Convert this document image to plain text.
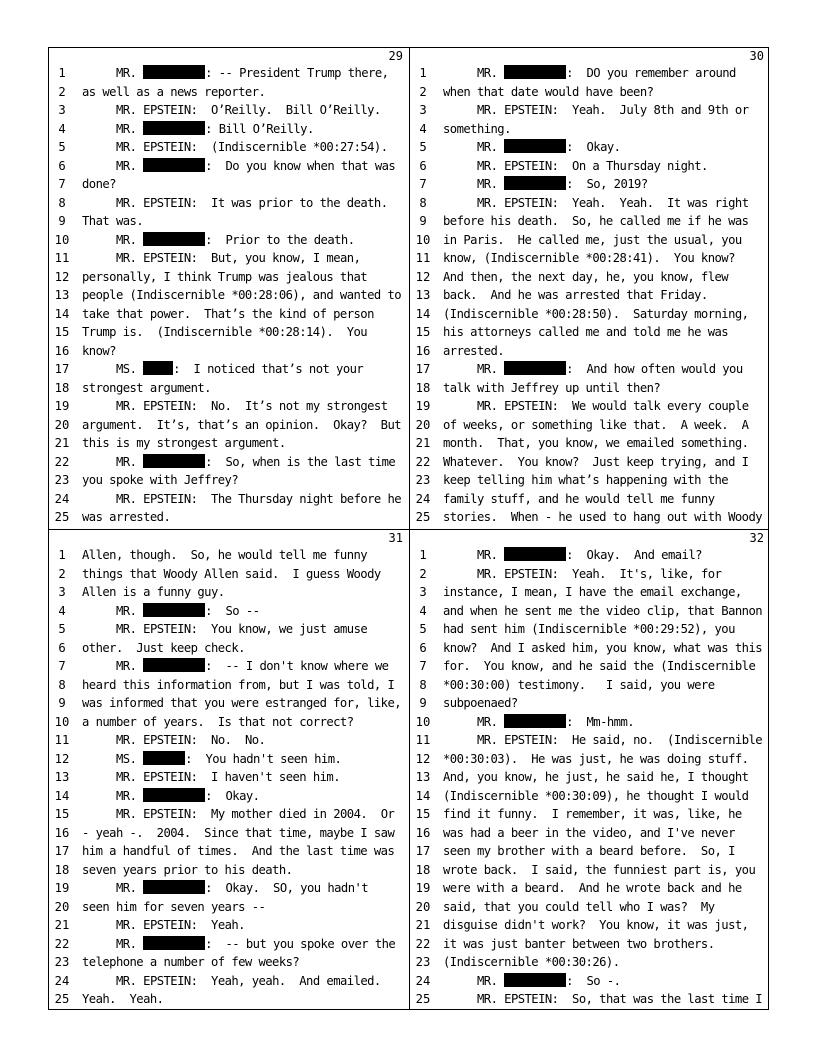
29
1	MR.	: -- President Trump there,
2	as well as a news reporter.
3	MR. EPSTEIN:  O’Reilly.  Bill O’Reilly.
4	MR.	: Bill O’Reilly.
5	MR. EPSTEIN:  (Indiscernible *00:27:54).
6	MR.	:  Do you know when that was
7	done?
8	MR. EPSTEIN:  It was prior to the death.
9	That was.
10	MR.	:  Prior to the death.
11	MR. EPSTEIN:  But, you know, I mean,
12 personally, I think Trump was jealous that
13 people (Indiscernible *00:28:06), and wanted to
14 take that power.  That’s the kind of person
15 Trump is.  (Indiscernible *00:28:14).  You
16 know?
17	MS. :  I noticed that’s not your
18 strongest argument.
19	MR. EPSTEIN:  No.  It’s not my strongest
20 argument.  It’s, that’s an opinion.  Okay?  But
21 this is my strongest argument.
22	MR.	:  So, when is the last time
23 you spoke with Jeffrey?
24	MR. EPSTEIN:  The Thursday night before he
25 was arrested.
30
1	MR.	:  DO you remember around
2	when that date would have been?
3	MR. EPSTEIN:  Yeah.  July 8th and 9th or
4	something.
5	MR.	:  Okay.
6	MR. EPSTEIN:  On a Thursday night.
7	MR.	:  So, 2019?
8	MR. EPSTEIN:  Yeah.  Yeah.  It was right
9	before his death.  So, he called me if he was
10 in Paris.  He called me, just the usual, you
11 know, (Indiscernible *00:28:41).  You know?
12 And then, the next day, he, you know, flew
13 back.  And he was arrested that Friday.
14 (Indiscernible *00:28:50).  Saturday morning,
15 his attorneys called me and told me he was
16 arrested.
17	MR.	:  And how often would you
18 talk with Jeffrey up until then?
19	MR. EPSTEIN:  We would talk every couple
20 of weeks, or something like that.  A week.  A
21 month.  That, you know, we emailed something.
22 Whatever.  You know?  Just keep trying, and I
23 keep telling him what’s happening with the
24 family stuff, and he would tell me funny
25 stories.  When - he used to hang out with Woody
31
1	Allen, though.  So, he would tell me funny
2	things that Woody Allen said.  I guess Woody
3	Allen is a funny guy.
4	MR.	:  So --
5	MR. EPSTEIN:  You know, we just amuse
6	other.  Just keep check.
7	MR.	:  -- I don't know where we
8	heard this information from, but I was told, I
9	was informed that you were estranged for, like,
10 a number of years.  Is that not correct?
11	MR. EPSTEIN:  No.  No.
12	MS.	:  You hadn't seen him.
13	MR. EPSTEIN:  I haven't seen him.
14	MR.	:  Okay.
15	MR. EPSTEIN:  My mother died in 2004.  Or
16 - yeah -.  2004.  Since that time, maybe I saw
17 him a handful of times.  And the last time was
18 seven years prior to his death.
19	MR.	:  Okay.  SO, you hadn't
20 seen him for seven years --
21	MR. EPSTEIN:  Yeah.
22	MR.	:  -- but you spoke over the
23 telephone a number of few weeks?
24	MR. EPSTEIN:  Yeah, yeah.  And emailed.
25 Yeah.  Yeah.
32
1	MR.	:  Okay.  And email?
2	MR. EPSTEIN:  Yeah.  It's, like, for
3	instance, I mean, I have the email exchange,
4	and when he sent me the video clip, that Bannon
5	had sent him (Indiscernible *00:29:52), you
6	know?  And I asked him, you know, what was this
7	for.  You know, and he said the (Indiscernible
8	*00:30:00) testimony.   I said, you were
9	subpoenaed?
10	MR.	:  Mm-hmm.
11	MR. EPSTEIN:  He said, no.  (Indiscernible
12 *00:30:03).  He was just, he was doing stuff.
13 And, you know, he just, he said he, I thought
14 (Indiscernible *00:30:09), he thought I would
15 find it funny.  I remember, it was, like, he
16 was had a beer in the video, and I've never
17 seen my brother with a beard before.  So, I
18 wrote back.  I said, the funniest part is, you
19 were with a beard.  And he wrote back and he
20 said, that you could tell who I was?  My
21 disguise didn't work?  You know, it was just,
22 it was just banter between two brothers.
23 (Indiscernible *00:30:26).
24	MR.	:  So -.
25	MR. EPSTEIN:  So, that was the last time I
